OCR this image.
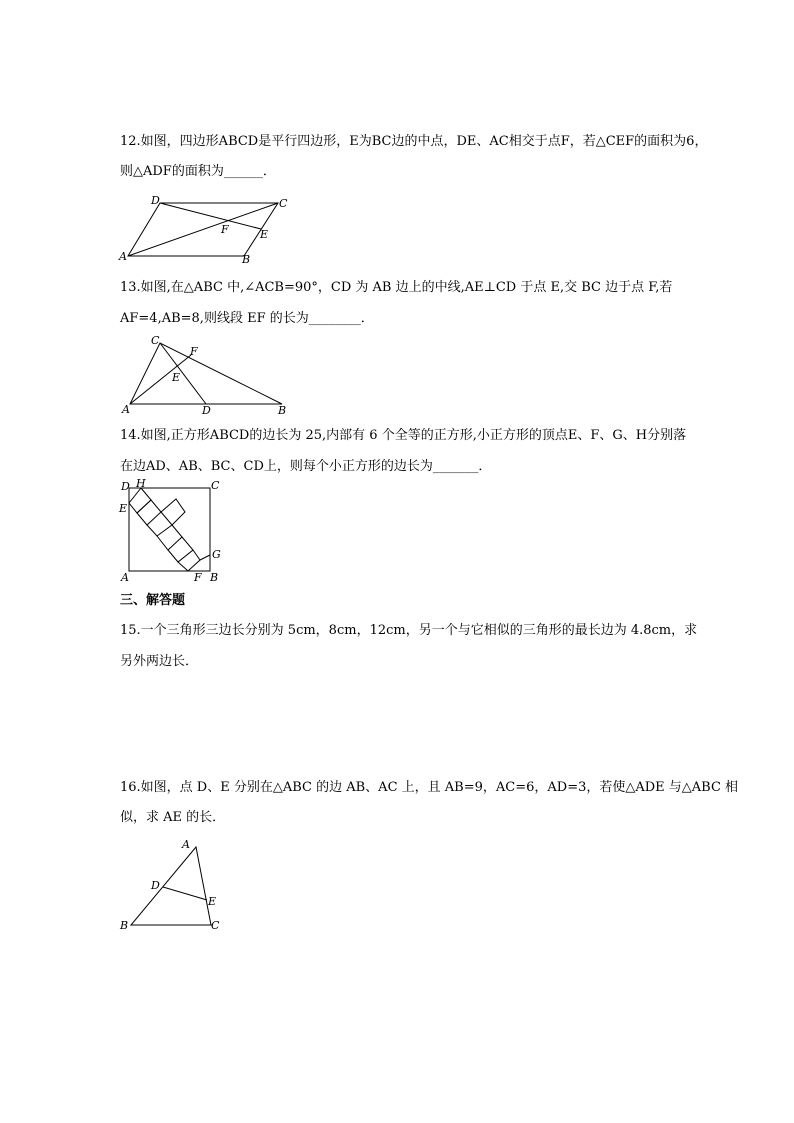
12.如图，四边形ABCD是平行四边形，E为BC边的中点，DE、AC相交于点F，若△CEF的面积为6，
则△ADF的面积为______．
A	B
C
D
E
F
13.如图,在△ABC 中,∠ACB=90°，CD 为 AB 边上的中线,AE⊥CD 于点 E,交 BC 边于点 F,若
AF=4,AB=8,则线段 EF 的长为________．
A	B
C
D
E
F
14.如图,正方形ABCD的边长为 25,内部有 6 个全等的正方形,小正方形的顶点E、F、G、H分别落
在边AD、AB、BC、CD上，则每个小正方形的边长为_______．
D H	C
E
G
A	F B
三、解答题
15.一个三角形三边长分别为 5cm，8cm，12cm，另一个与它相似的三角形的最长边为 4.8cm，求
另外两边长．
16.如图，点 D、E 分别在△ABC 的边 AB、AC 上，且 AB=9，AC=6，AD=3，若使△ADE 与△ABC 相
似，求 AE 的长．
A
B	C
D
E
